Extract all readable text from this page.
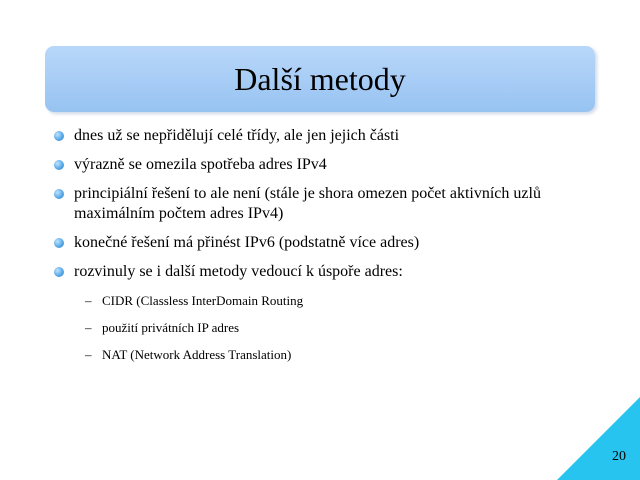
Další metody
dnes už se nepřidělují celé třídy, ale jen jejich části
výrazně se omezila spotřeba adres IPv4
principiální řešení to ale není (stále je shora omezen počet aktivních uzlů maximálním počtem adres IPv4)
konečné řešení má přinést IPv6 (podstatně více adres)
rozvinuly se i další metody vedoucí k úspoře adres:
– CIDR (Classless InterDomain Routing
– použití privátních IP adres
– NAT (Network Address Translation)
20
